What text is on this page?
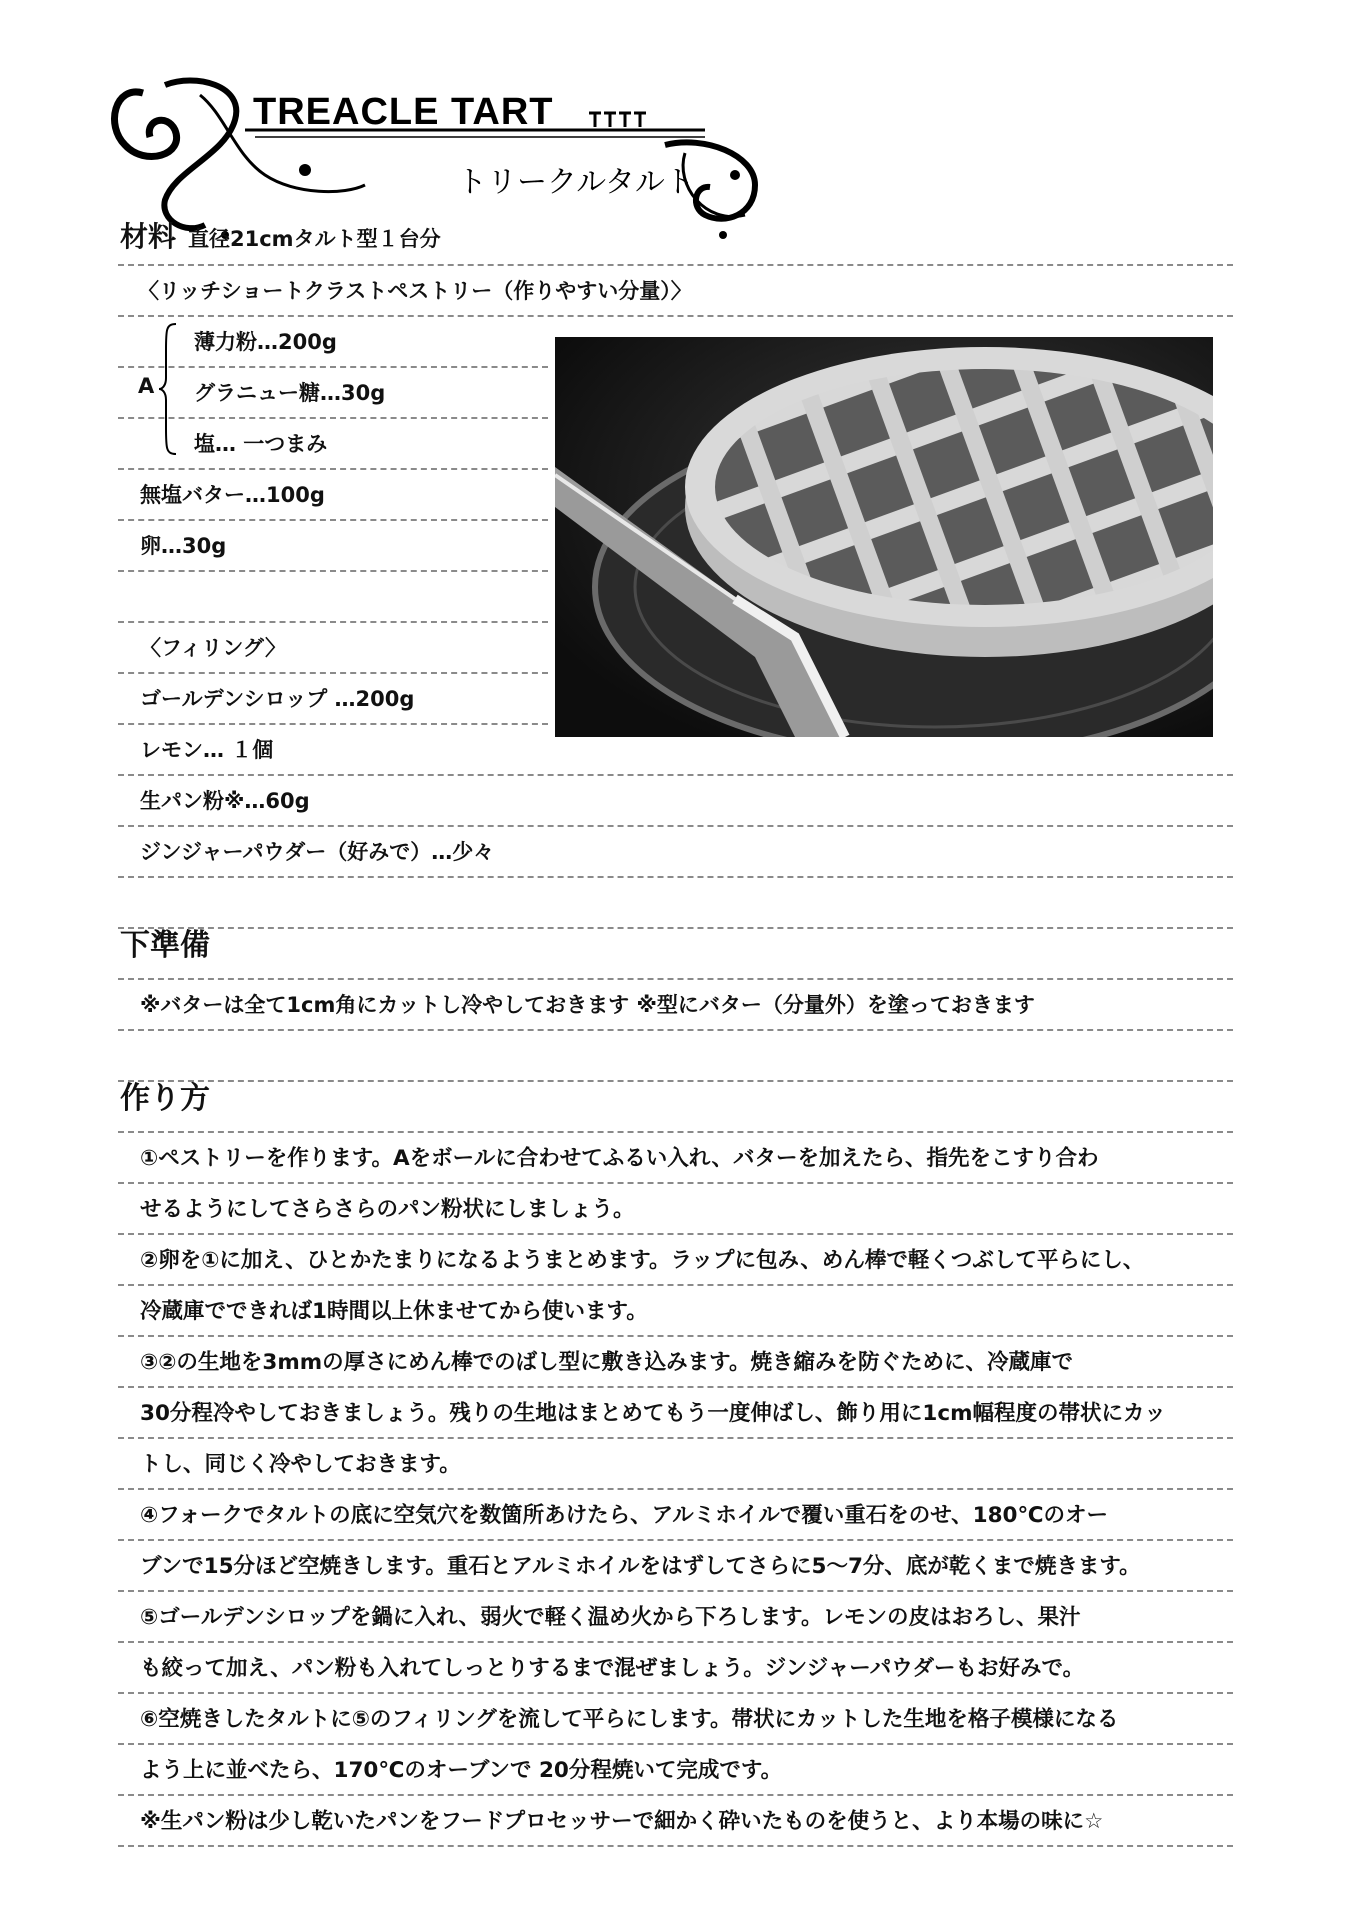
TREACLE TART
トリークルタルト
材料 直径21cmタルト型１台分
〈リッチショートクラストペストリー（作りやすい分量）〉
薄力粉…200g
グラニュー糖…30g
塩… 一つまみ
A
無塩バター…100g
卵…30g
〈フィリング〉
ゴールデンシロップ …200g
レモン… １個
生パン粉※…60g
ジンジャーパウダー（好みで）…少々
下準備
※バターは全て1cm角にカットし冷やしておきます ※型にバター（分量外）を塗っておきます
作り方
①ペストリーを作ります。Aをボールに合わせてふるい入れ、バターを加えたら、指先をこすり合わ
せるようにしてさらさらのパン粉状にしましょう。
②卵を①に加え、ひとかたまりになるようまとめます。ラップに包み、めん棒で軽くつぶして平らにし、
冷蔵庫でできれば1時間以上休ませてから使います。
③②の生地を3mmの厚さにめん棒でのばし型に敷き込みます。焼き縮みを防ぐために、冷蔵庫で
30分程冷やしておきましょう。残りの生地はまとめてもう一度伸ばし、飾り用に1cm幅程度の帯状にカッ
トし、同じく冷やしておきます。
④フォークでタルトの底に空気穴を数箇所あけたら、アルミホイルで覆い重石をのせ、180℃のオー
ブンで15分ほど空焼きします。重石とアルミホイルをはずしてさらに5～7分、底が乾くまで焼きます。
⑤ゴールデンシロップを鍋に入れ、弱火で軽く温め火から下ろします。レモンの皮はおろし、果汁
も絞って加え、パン粉も入れてしっとりするまで混ぜましょう。ジンジャーパウダーもお好みで。
⑥空焼きしたタルトに⑤のフィリングを流して平らにします。帯状にカットした生地を格子模様になる
よう上に並べたら、170℃のオーブンで 20分程焼いて完成です。
※生パン粉は少し乾いたパンをフードプロセッサーで細かく砕いたものを使うと、より本場の味に☆
